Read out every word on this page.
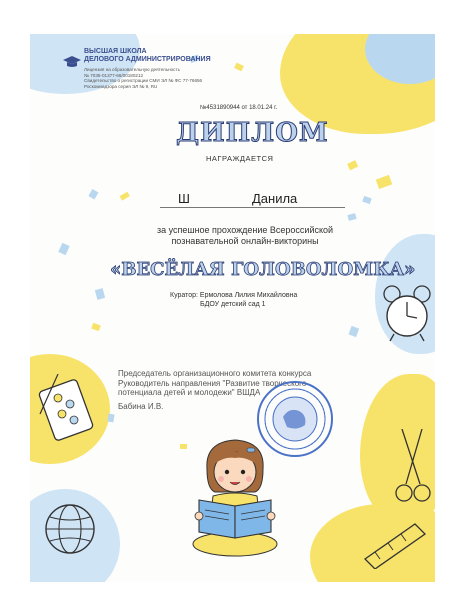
ВЫСШАЯ ШКОЛА
ДЕЛОВОГО АДМИНИСТРИРОВАНИЯ
Лицензия на образовательную деятельность
№ 7035-01377-66/00180212
Свидетельство о регистрации СМИ ЭЛ № ФС 77-76656
Роскомнадзора серия ЭЛ № 9, RU
№4531890944 от 18.01.24 г.
ДИПЛОМ
НАГРАЖДАЕТСЯ
Ш	Данила
за успешное прохождение Всероссийской
познавательной онлайн-викторины
«ВЕСЁЛАЯ ГОЛОВОЛОМКА»
Куратор: Ермолова Лилия Михайловна
БДОУ детский сад 1
Председатель организационного комитета конкурса
Руководитель направления "Развитие творческого
потенциала детей и молодежи" ВШДА
Бабина И.В.
